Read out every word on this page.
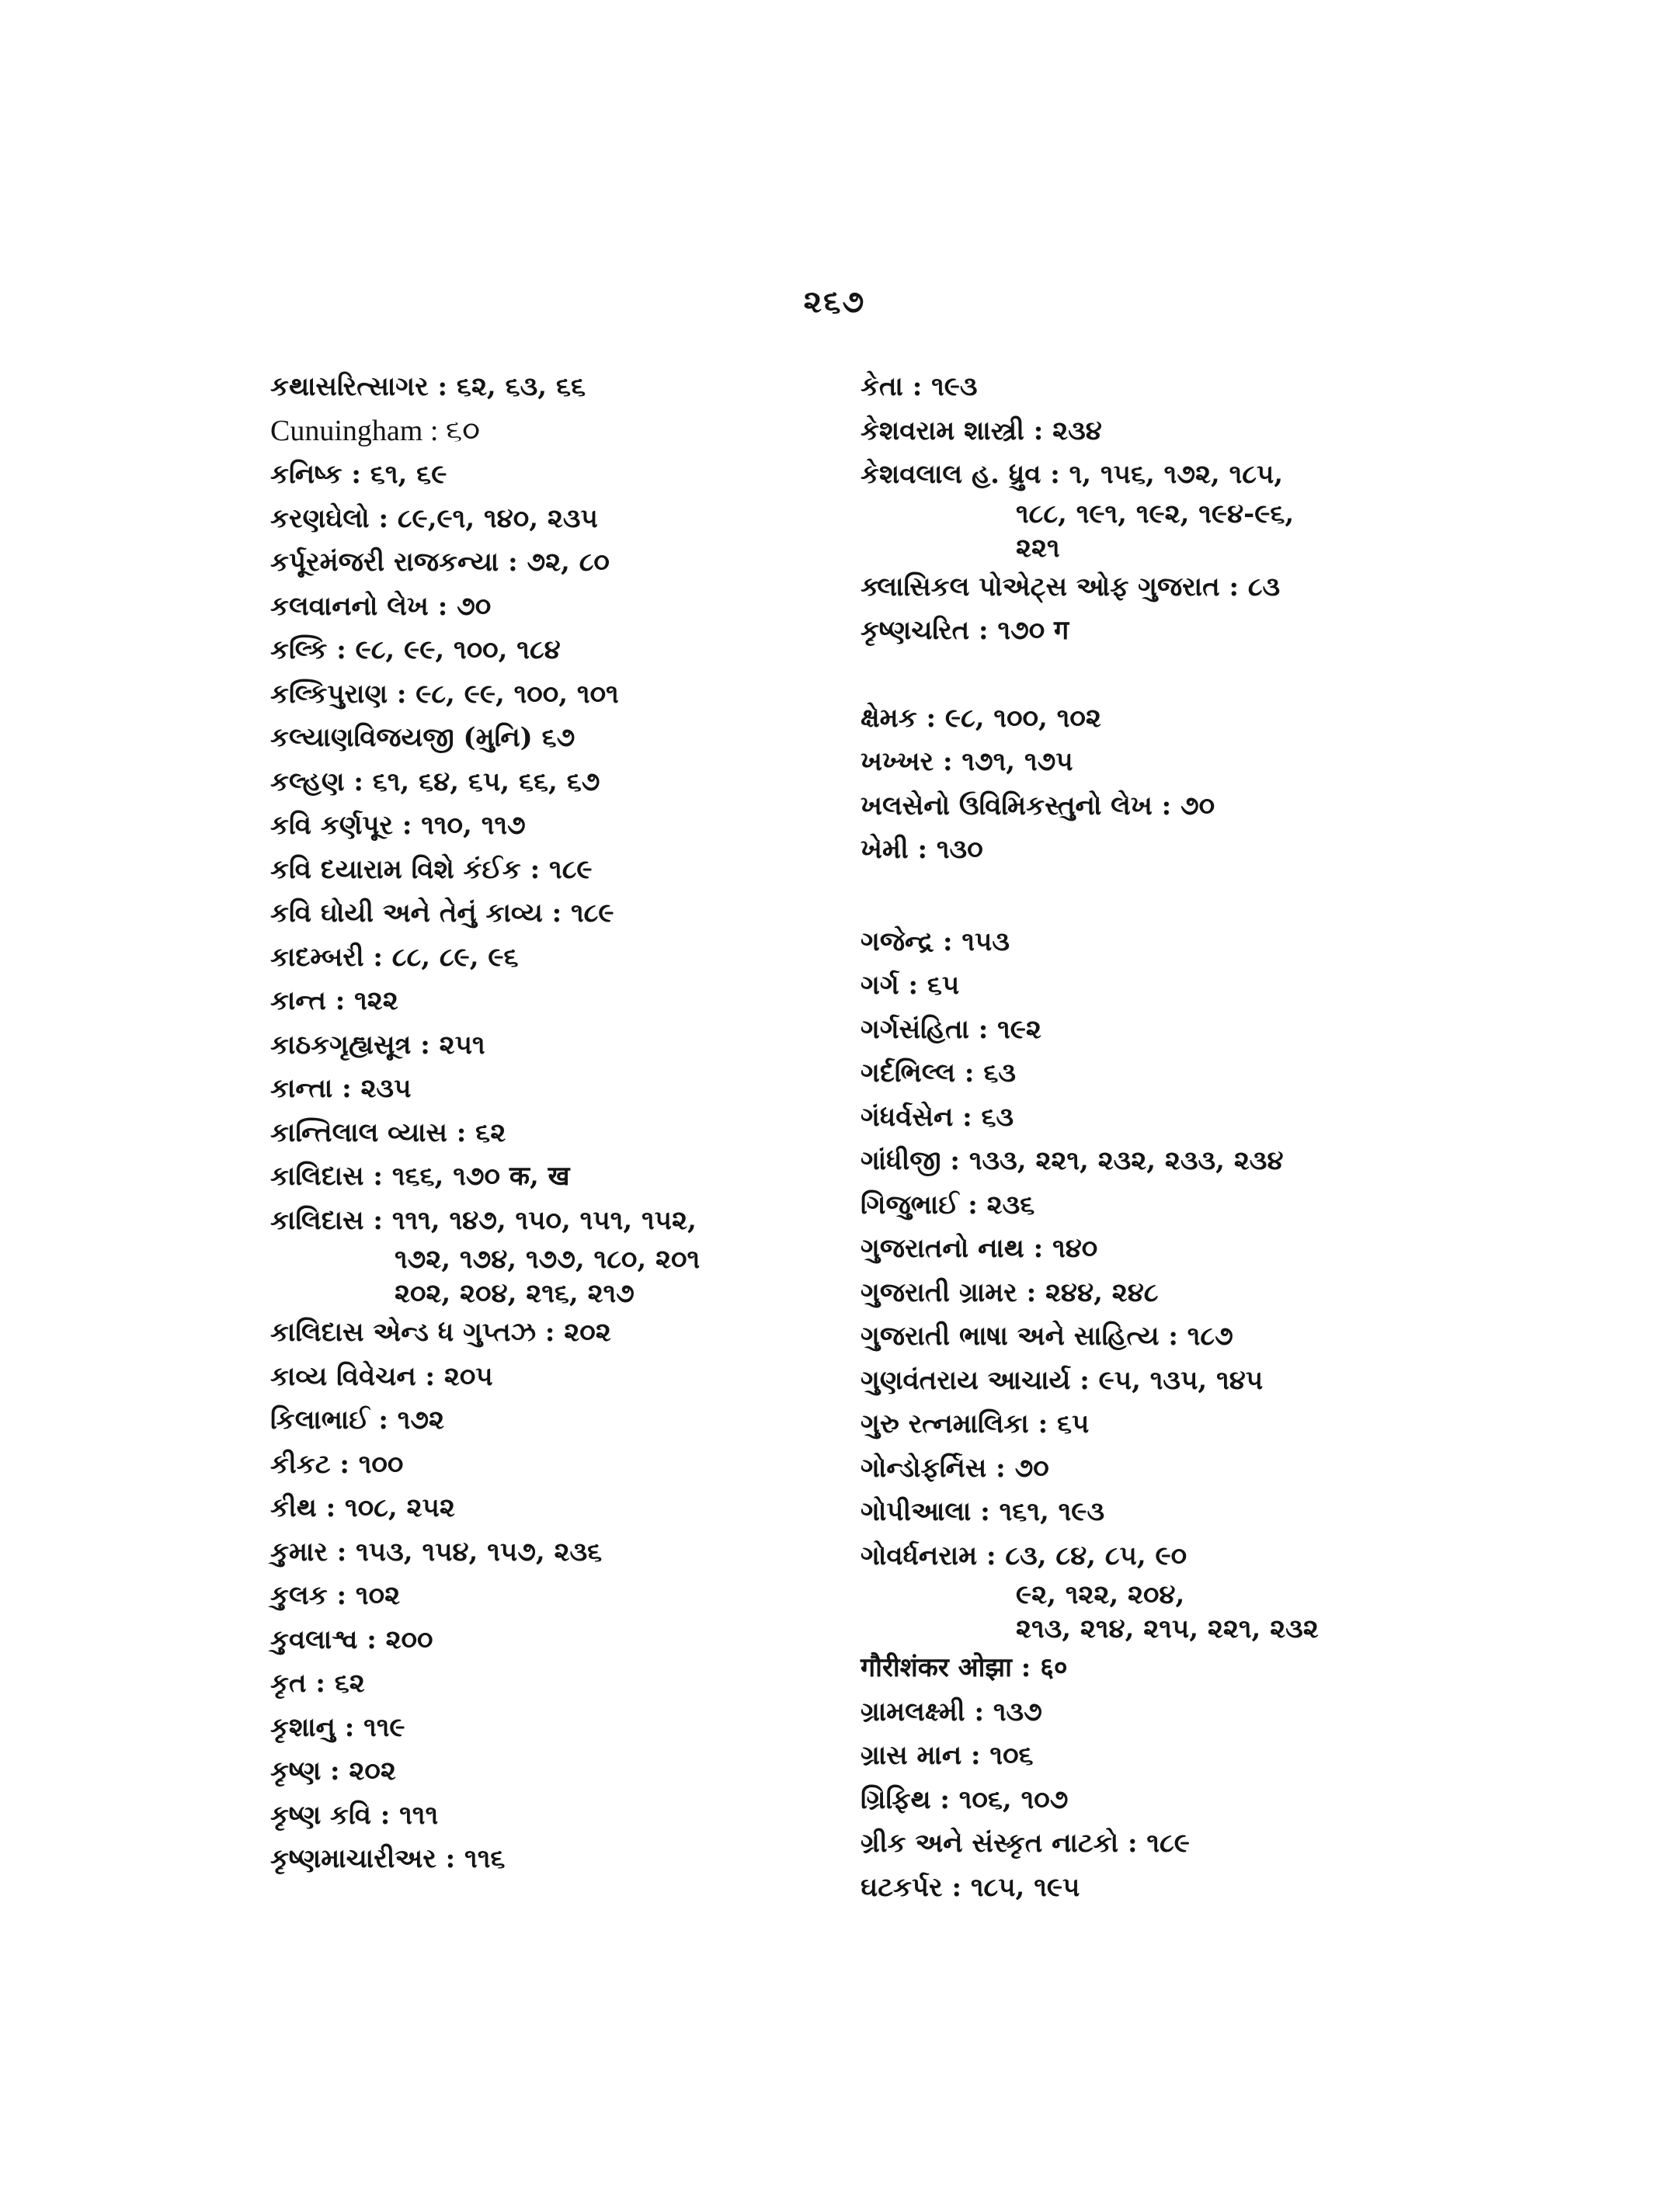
૨૬૭
કથાસરિત્સાગર : ૬૨, ૬૩, ૬૬
Cunuingham : ૬૦
કનિષ્ક : ૬૧, ૬૯
કરણઘેલો : ૮૯,૯૧, ૧૪૦, ૨૩૫
કર્પૂરમંજરી રાજકન્યા : ૭૨, ૮૦
કલવાનનો લેખ : ૭૦
કલ્કિ : ૯૮, ૯૯, ૧૦૦, ૧૮૪
કલ્કિપુરાણ : ૯૮, ૯૯, ૧૦૦, ૧૦૧
કલ્યાણવિજયજી (મુનિ) ૬૭
કલ્હણ : ૬૧, ૬૪, ૬૫, ૬૬, ૬૭
કવિ કર્ણપૂર : ૧૧૦, ૧૧૭
કવિ દયારામ વિશે કંઈક : ૧૮૯
કવિ ઘોયી અને તેનું કાવ્ય : ૧૮૯
કાદમ્બરી : ૮૮, ૮૯, ૯૬
કાન્ત : ૧૨૨
કાઠકગૃહ્યસૂત્ર : ૨૫૧
કાન્તા : ૨૩૫
કાન્તિલાલ વ્યાસ : ૬૨
કાલિદાસ : ૧૬૬, ૧૭૦ क, ख
કાલિદાસ : ૧૧૧, ૧૪૭, ૧૫૦, ૧૫૧, ૧૫૨,
૧૭૨, ૧૭૪, ૧૭૭, ૧૮૦, ૨૦૧
૨૦૨, ૨૦૪, ૨૧૬, ૨૧૭
કાલિદાસ એન્ડ ધ ગુપ્તઝ : ૨૦૨
કાવ્ય વિવેચન : ૨૦૫
કિલાભાઈ : ૧૭૨
કીકટ : ૧૦૦
કીથ : ૧૦૮, ૨૫૨
કુમાર : ૧૫૩, ૧૫૪, ૧૫૭, ૨૩૬
કુલક : ૧૦૨
કુવલાશ્વ : ૨૦૦
કૃત : ૬૨
કૃશાનુ : ૧૧૯
કૃષ્ણ : ૨૦૨
કૃષ્ણ કવિ : ૧૧૧
કૃષ્ણમાચારીઅર : ૧૧૬
કેતા : ૧૯૩
કેશવરામ શાસ્ત્રી : ૨૩૪
કેશવલાલ હ. ધ્રુવ : ૧, ૧૫૬, ૧૭૨, ૧૮૫,
૧૮૮, ૧૯૧, ૧૯૨, ૧૯૪-૯૬,
૨૨૧
ક્લાસિકલ પોએટ્સ ઓફ ગુજરાત : ૮૩
કૃષ્ણચરિત : ૧૭૦ ग
ક્ષેમક : ૯૮, ૧૦૦, ૧૦૨
ખખ્ખર : ૧૭૧, ૧૭૫
ખલસેનો ઉવિમિકસ્તુનો લેખ : ૭૦
ખેમી : ૧૩૦
ગજેન્દ્ર : ૧૫૩
ગર્ગ : ૬૫
ગર્ગસંહિતા : ૧૯૨
ગર્દભિલ્લ : ૬૩
ગંધર્વસેન : ૬૩
ગાંધીજી : ૧૩૩, ૨૨૧, ૨૩૨, ૨૩૩, ૨૩૪
ગિજુભાઈ : ૨૩૬
ગુજરાતનો નાથ : ૧૪૦
ગુજરાતી ગ્રામર : ૨૪૪, ૨૪૮
ગુજરાતી ભાષા અને સાહિત્ય : ૧૮૭
ગુણવંતરાય આચાર્ય : ૯૫, ૧૩૫, ૧૪૫
ગુરુ રત્નમાલિકા : ૬૫
ગોન્ડોફર્નિસ : ૭૦
ગોપીઆલા : ૧૬૧, ૧૯૩
ગોવર્ધનરામ : ૮૩, ૮૪, ૮૫, ૯૦
૯૨, ૧૨૨, ૨૦૪,
૨૧૩, ૨૧૪, ૨૧૫, ૨૨૧, ૨૩૨
गौरीशंकर ओझा : ६०
ગ્રામલક્ષ્મી : ૧૩૭
ગ્રાસ માન : ૧૦૬
ગ્રિફિથ : ૧૦૬, ૧૦૭
ગ્રીક અને સંસ્કૃત નાટકો : ૧૮૯
ઘટકર્પર : ૧૮૫, ૧૯૫
